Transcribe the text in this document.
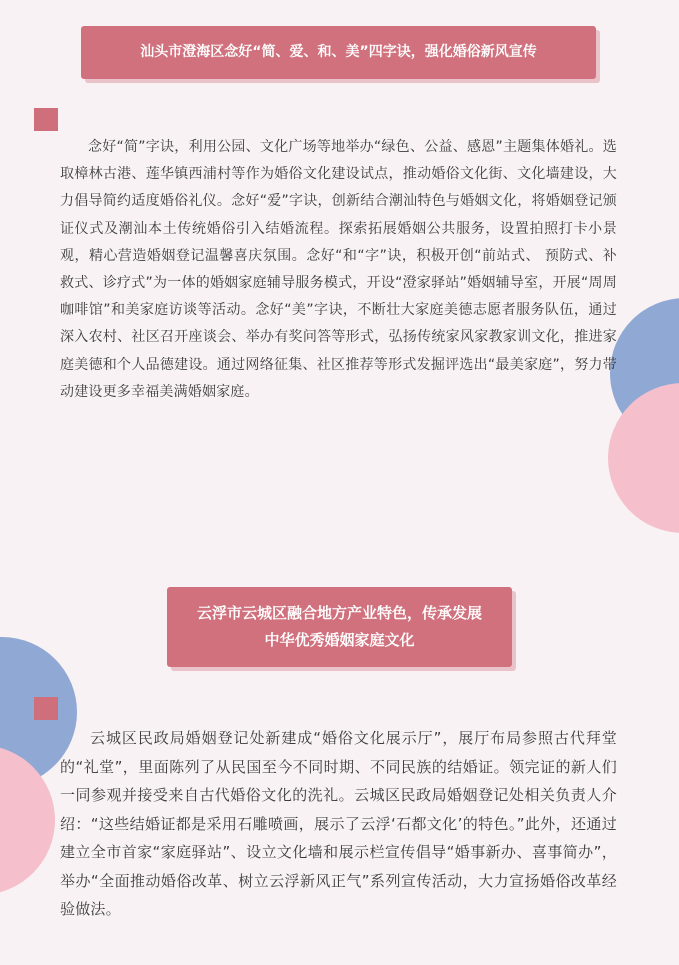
汕头市澄海区念好“简、爱、和、美”四字诀，强化婚俗新风宣传

念好“简”字诀，利用公园、文化广场等地举办“绿色、公益、感恩”主题集体婚礼。选取樟林古港、莲华镇西浦村等作为婚俗文化建设试点，推动婚俗文化街、文化墙建设，大力倡导简约适度婚俗礼仪。念好“爱”字诀，创新结合潮汕特色与婚姻文化，将婚姻登记颁证仪式及潮汕本土传统婚俗引入结婚流程。探索拓展婚姻公共服务，设置拍照打卡小景观，精心营造婚姻登记温馨喜庆氛围。念好“和“字”诀，积极开创“前站式、 预防式、补救式、诊疗式”为一体的婚姻家庭辅导服务模式，开设“澄家驿站”婚姻辅导室，开展“周周咖啡馆”和美家庭访谈等活动。念好“美”字诀，不断壮大家庭美德志愿者服务队伍，通过深入农村、社区召开座谈会、举办有奖问答等形式，弘扬传统家风家教家训文化，推进家庭美德和个人品德建设。通过网络征集、社区推荐等形式发掘评选出“最美家庭”，努力带动建设更多幸福美满婚姻家庭。

云浮市云城区融合地方产业特色，传承发展
中华优秀婚姻家庭文化

云城区民政局婚姻登记处新建成“婚俗文化展示厅”，展厅布局参照古代拜堂的“礼堂”，里面陈列了从民国至今不同时期、不同民族的结婚证。领完证的新人们一同参观并接受来自古代婚俗文化的洗礼。云城区民政局婚姻登记处相关负责人介绍：“这些结婚证都是采用石雕喷画，展示了云浮‘石都文化’的特色。”此外，还通过建立全市首家“家庭驿站”、设立文化墙和展示栏宣传倡导“婚事新办、喜事简办”，举办“全面推动婚俗改革、树立云浮新风正气”系列宣传活动，大力宣扬婚俗改革经验做法。
